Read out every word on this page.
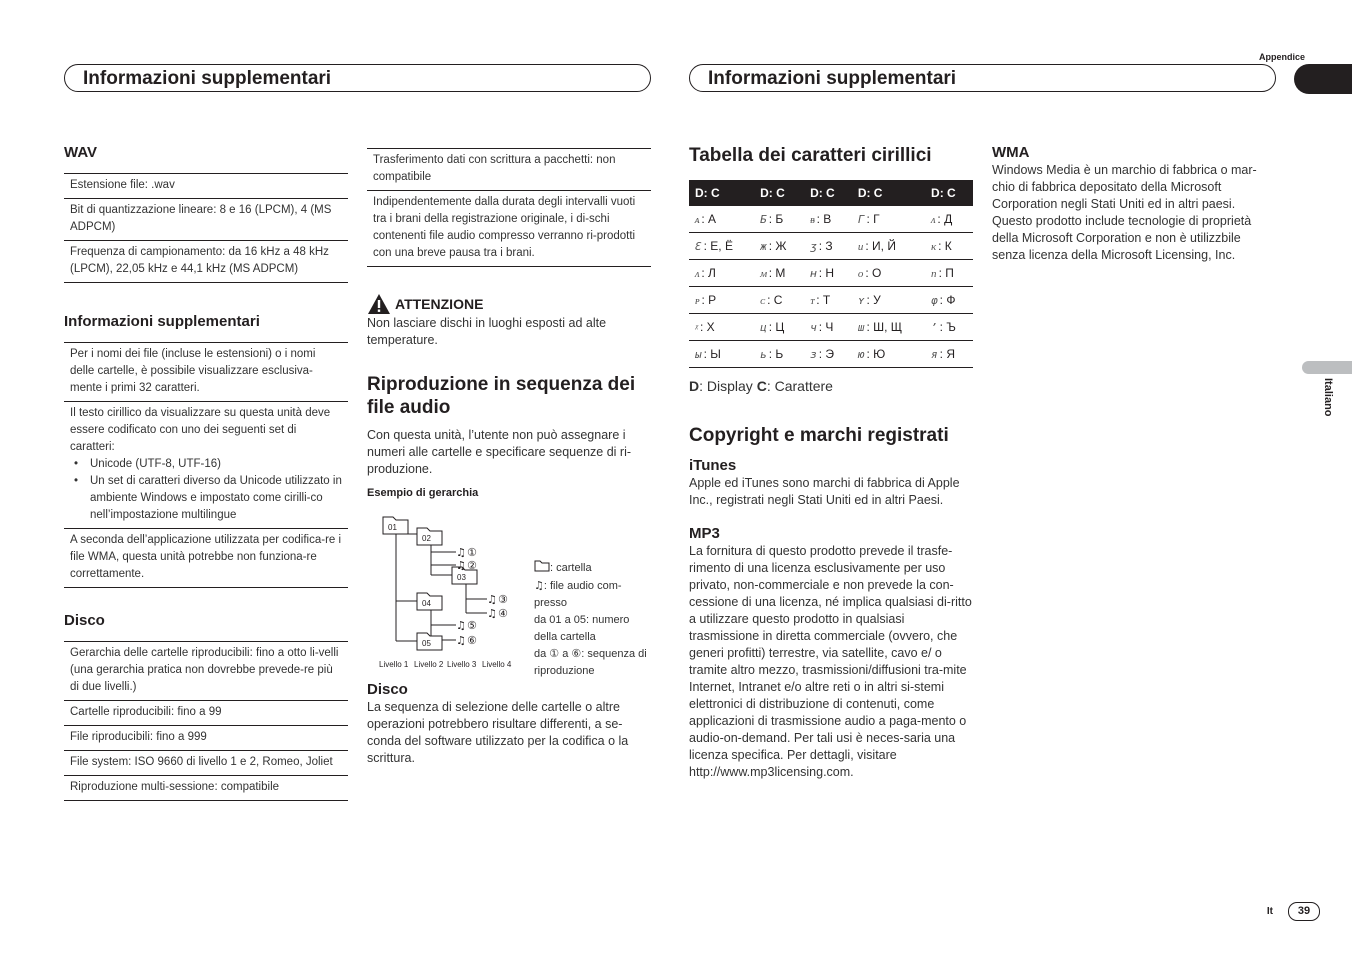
Appendice
Informazioni supplementari	Informazioni supplementari
Italiano
WAV
Estensione file: .wav
Bit di quantizzazione lineare: 8 e 16 (LPCM), 4 (MS ADPCM)
Frequenza di campionamento: da 16 kHz a 48 kHz (LPCM), 22,05 kHz e 44,1 kHz (MS ADPCM)
Informazioni supplementari
Per i nomi dei file (incluse le estensioni) o i nomi delle cartelle, è possibile visualizzare esclusiva-mente i primi 32 caratteri.
Il testo cirillico da visualizzare su questa unità deve essere codificato con uno dei seguenti set di caratteri:
• Unicode (UTF-8, UTF-16)
• Un set di caratteri diverso da Unicode utilizzato in ambiente Windows e impostato come cirilli-co nell’impostazione multilingue
A seconda dell’applicazione utilizzata per codifica-re i file WMA, questa unità potrebbe non funziona-re correttamente.
Disco
Gerarchia delle cartelle riproducibili: fino a otto li-velli (una gerarchia pratica non dovrebbe prevede-re più di due livelli.)
Cartelle riproducibili: fino a 99
File riproducibili: fino a 999
File system: ISO 9660 di livello 1 e 2, Romeo, Joliet
Riproduzione multi-sessione: compatibile
Trasferimento dati con scrittura a pacchetti: non compatibile
Indipendentemente dalla durata degli intervalli vuoti tra i brani della registrazione originale, i di-schi contenenti file audio compresso verranno ri-prodotti con una breve pausa tra i brani.
ATTENZIONE

Non lasciare dischi in luoghi esposti ad alte temperature.

Riproduzione in sequenza dei file audio

Con questa unità, l’utente non può assegnare i numeri alle cartelle e specificare sequenze di ri-produzione.

Esempio di gerarchia
01
02
03
04
05
♫ ①
♫ ②
♫ ③
♫ ④
♫ ⑤
♫ ⑥
Livello 1 Livello 2 Livello 3 Livello 4
: cartella
♫: file audio com-presso
da 01 a 05: numero della cartella
da ① a ⑥: sequenza di riproduzione
Disco

La sequenza di selezione delle cartelle o altre operazioni potrebbero risultare differenti, a se-conda del software utilizzato per la codifica o la scrittura.

Tabella dei caratteri cirillici
D: C	D: C	D: C	D: C	D: C
ᴀ : А	Ƃ : Б	ᴃ : В	Г : Г	ᴧ : Д
Ɛ : Е, Ё	ж : Ж	ʒ : З	ᴎ : И, Й	ᴋ : К
ᴧ : Л	ᴍ : М	ʜ : Н	ᴏ : О	ᴨ : П
ᴘ : Р	ᴄ : С	ᴛ : Т	ʏ : У	φ : Ф
ᵡ : Х	ц : Ц	ч : Ч	ш : Ш, Щ	ʼ : Ъ
ы : Ы	ь : Ь	ɜ : Э	ю : Ю	я : Я
D: Display C: Carattere
Copyright e marchi registrati
iTunes

Apple ed iTunes sono marchi di fabbrica di Apple Inc., registrati negli Stati Uniti ed in altri Paesi.

MP3

La fornitura di questo prodotto prevede il trasfe-rimento di una licenza esclusivamente per uso privato, non-commerciale e non prevede la con-cessione di una licenza, né implica qualsiasi di-ritto a utilizzare questo prodotto in qualsiasi trasmissione in diretta commerciale (ovvero, che generi profitti) terrestre, via satellite, cavo e/ o tramite altro mezzo, trasmissioni/diffusioni tra-mite Internet, Intranet e/o altre reti o in altri si-stemi elettronici di distribuzione di contenuti, come applicazioni di trasmissione audio a paga-mento o audio-on-demand. Per tali usi è neces-saria una licenza specifica. Per dettagli, visitare http://www.mp3licensing.com.

WMA

Windows Media è un marchio di fabbrica o mar-chio di fabbrica depositato della Microsoft Corporation negli Stati Uniti ed in altri paesi. Questo prodotto include tecnologie di proprietà della Microsoft Corporation e non è utilizzbile senza licenza della Microsoft Licensing, Inc.

It	39
